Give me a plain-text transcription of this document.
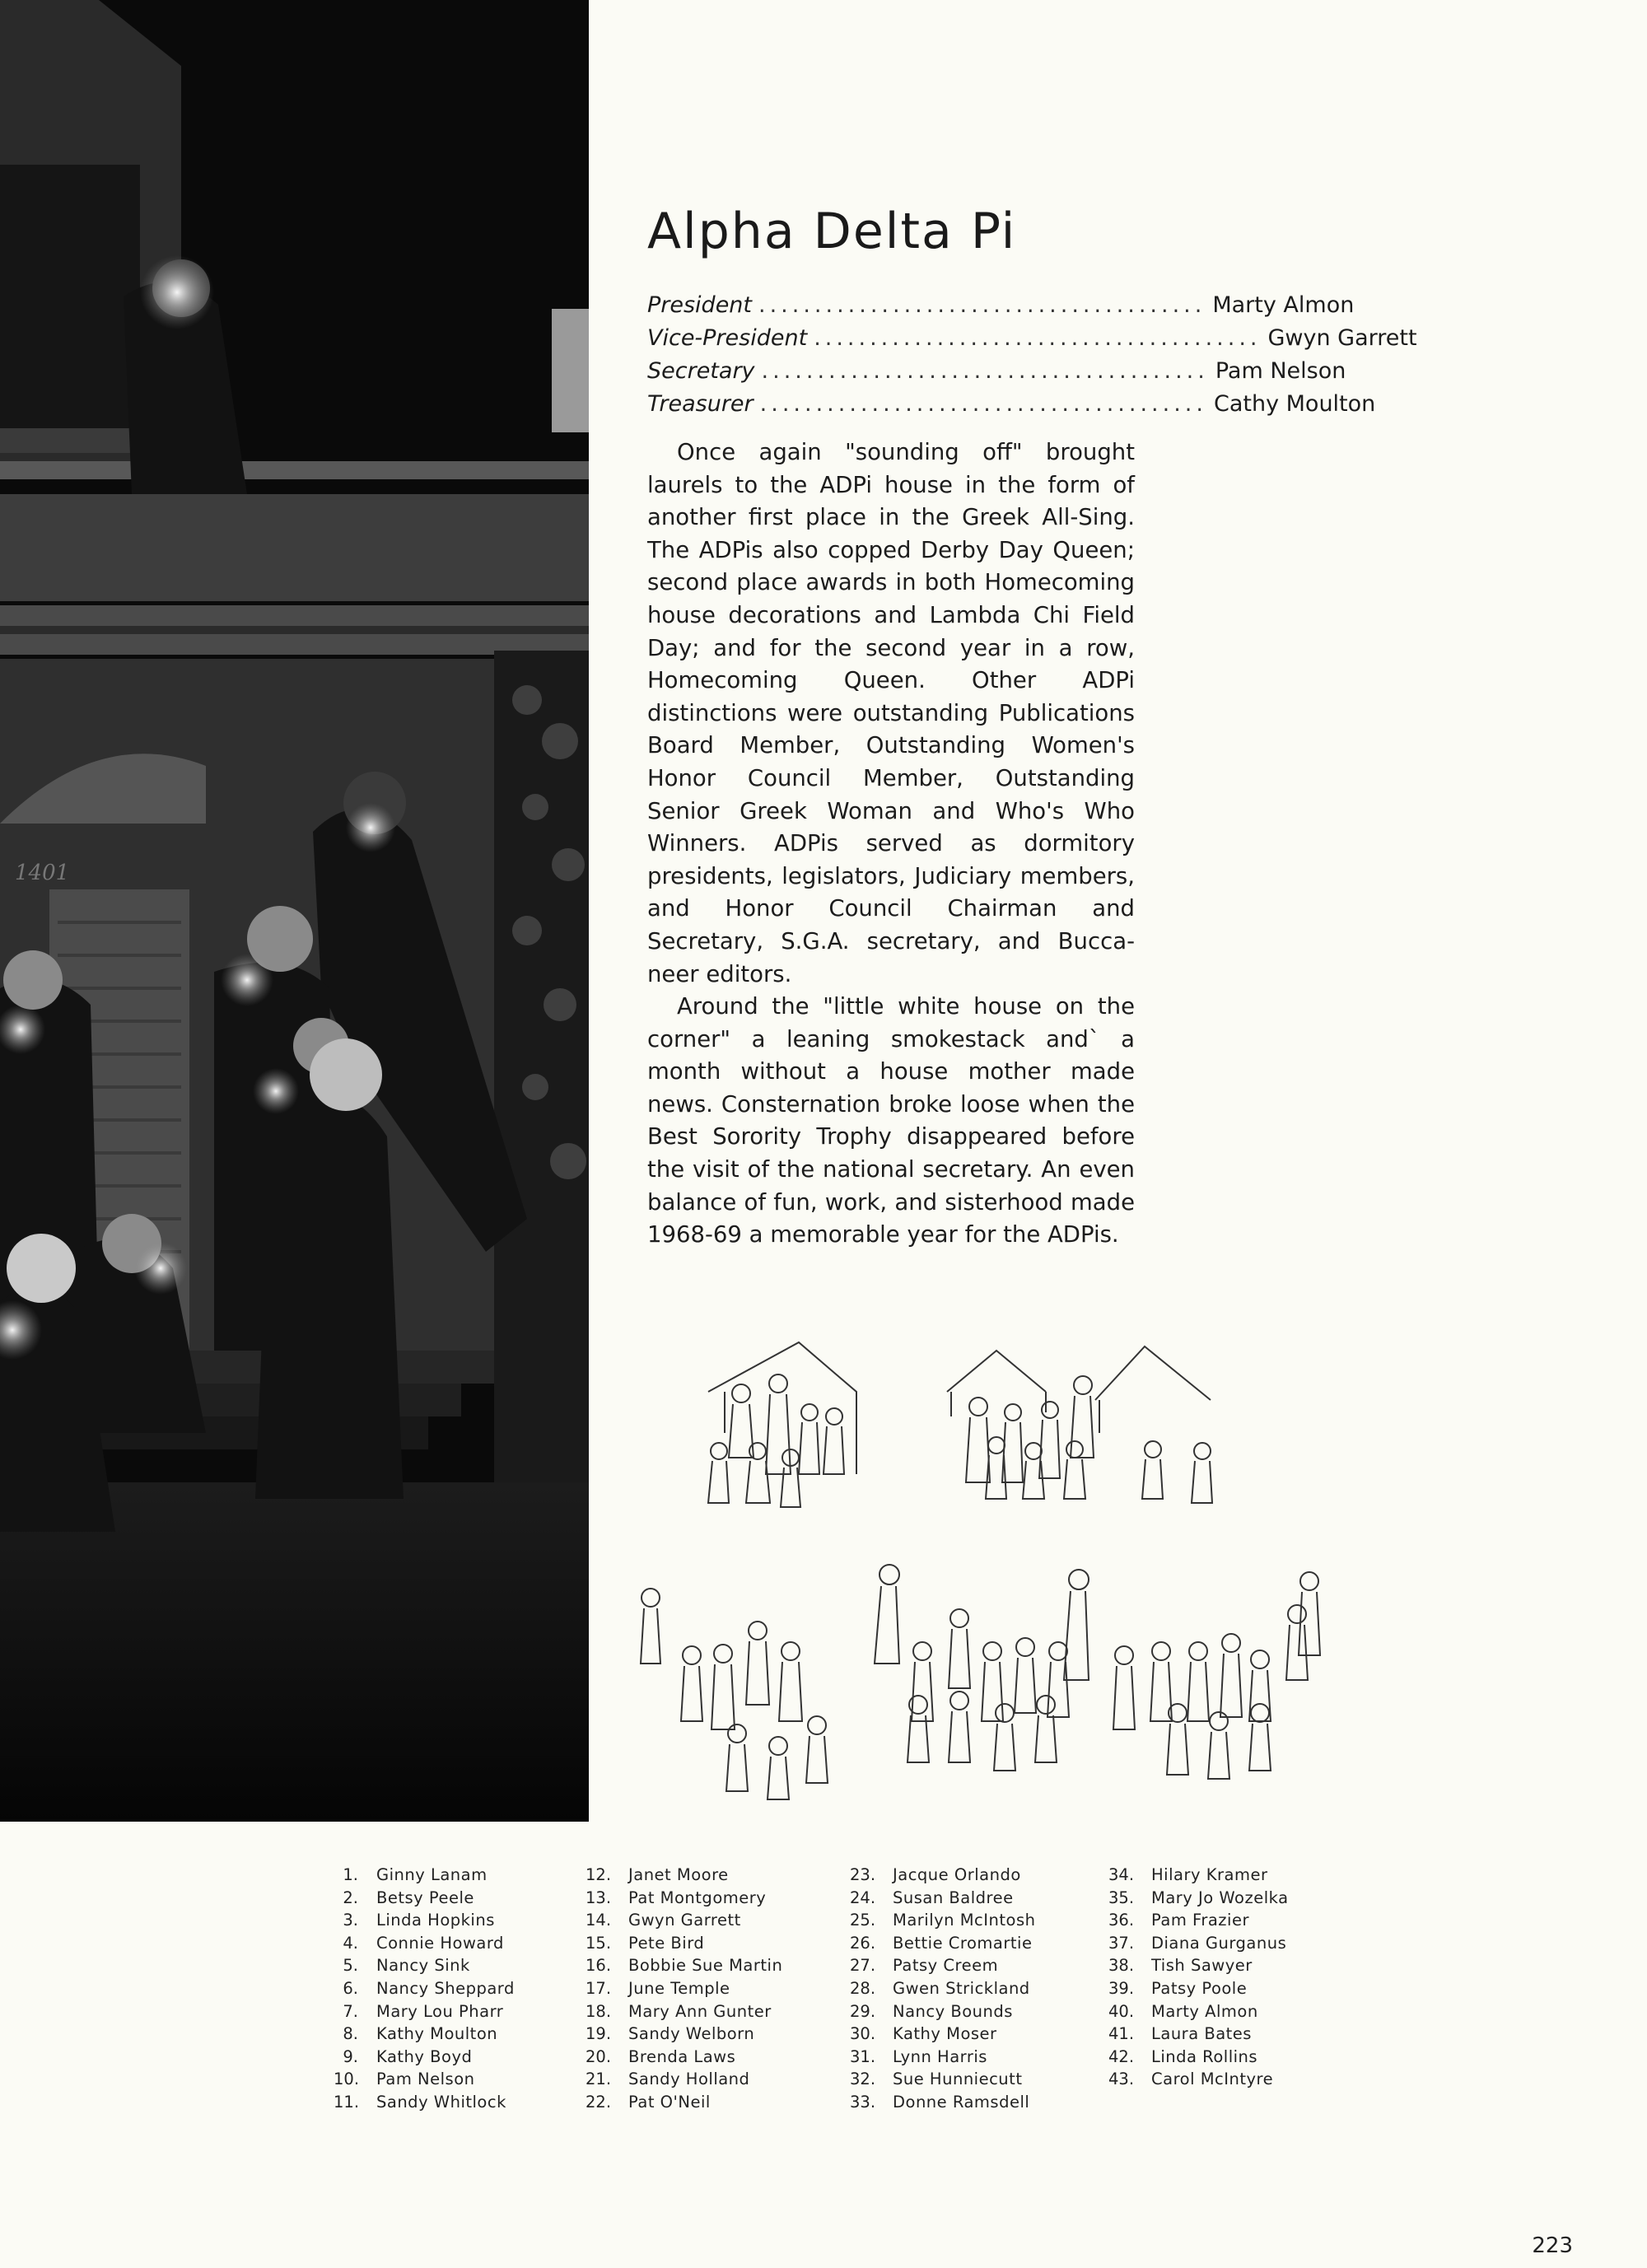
1401
Alpha Delta Pi
President ........................................ Marty Almon
Vice-President ........................................ Gwyn Garrett
Secretary ........................................ Pam Nelson
Treasurer ........................................ Cathy Moulton

Once again "sounding off" brought laurels to the ADPi house in the form of another first place in the Greek All-Sing. The ADPis also copped Derby Day Queen; second place awards in both Homecoming house decorations and Lambda Chi Field Day; and for the second year in a row, Homecoming Queen. Other ADPi distinctions were outstanding Publications Board Member, Outstanding Women's Honor Council Member, Outstanding Senior Greek Woman and Who's Who Winners. ADPis served as dormitory presidents, legislators, Judiciary members, and Honor Council Chairman and Secretary, S.G.A. secretary, and Buccaneer editors.

Around the "little white house on the corner" a leaning smokestack and` a month without a house mother made news. Consternation broke loose when the Best Sorority Trophy disappeared before the visit of the national secretary. An even balance of fun, work, and sisterhood made 1968-69 a memorable year for the ADPis.

1. Ginny Lanam
2. Betsy Peele
3. Linda Hopkins
4. Connie Howard
5. Nancy Sink
6. Nancy Sheppard
7. Mary Lou Pharr
8. Kathy Moulton
9. Kathy Boyd
10. Pam Nelson
11. Sandy Whitlock
12. Janet Moore
13. Pat Montgomery
14. Gwyn Garrett
15. Pete Bird
16. Bobbie Sue Martin
17. June Temple
18. Mary Ann Gunter
19. Sandy Welborn
20. Brenda Laws
21. Sandy Holland
22. Pat O'Neil
23. Jacque Orlando
24. Susan Baldree
25. Marilyn McIntosh
26. Bettie Cromartie
27. Patsy Creem
28. Gwen Strickland
29. Nancy Bounds
30. Kathy Moser
31. Lynn Harris
32. Sue Hunniecutt
33. Donne Ramsdell
34. Hilary Kramer
35. Mary Jo Wozelka
36. Pam Frazier
37. Diana Gurganus
38. Tish Sawyer
39. Patsy Poole
40. Marty Almon
41. Laura Bates
42. Linda Rollins
43. Carol McIntyre
223
